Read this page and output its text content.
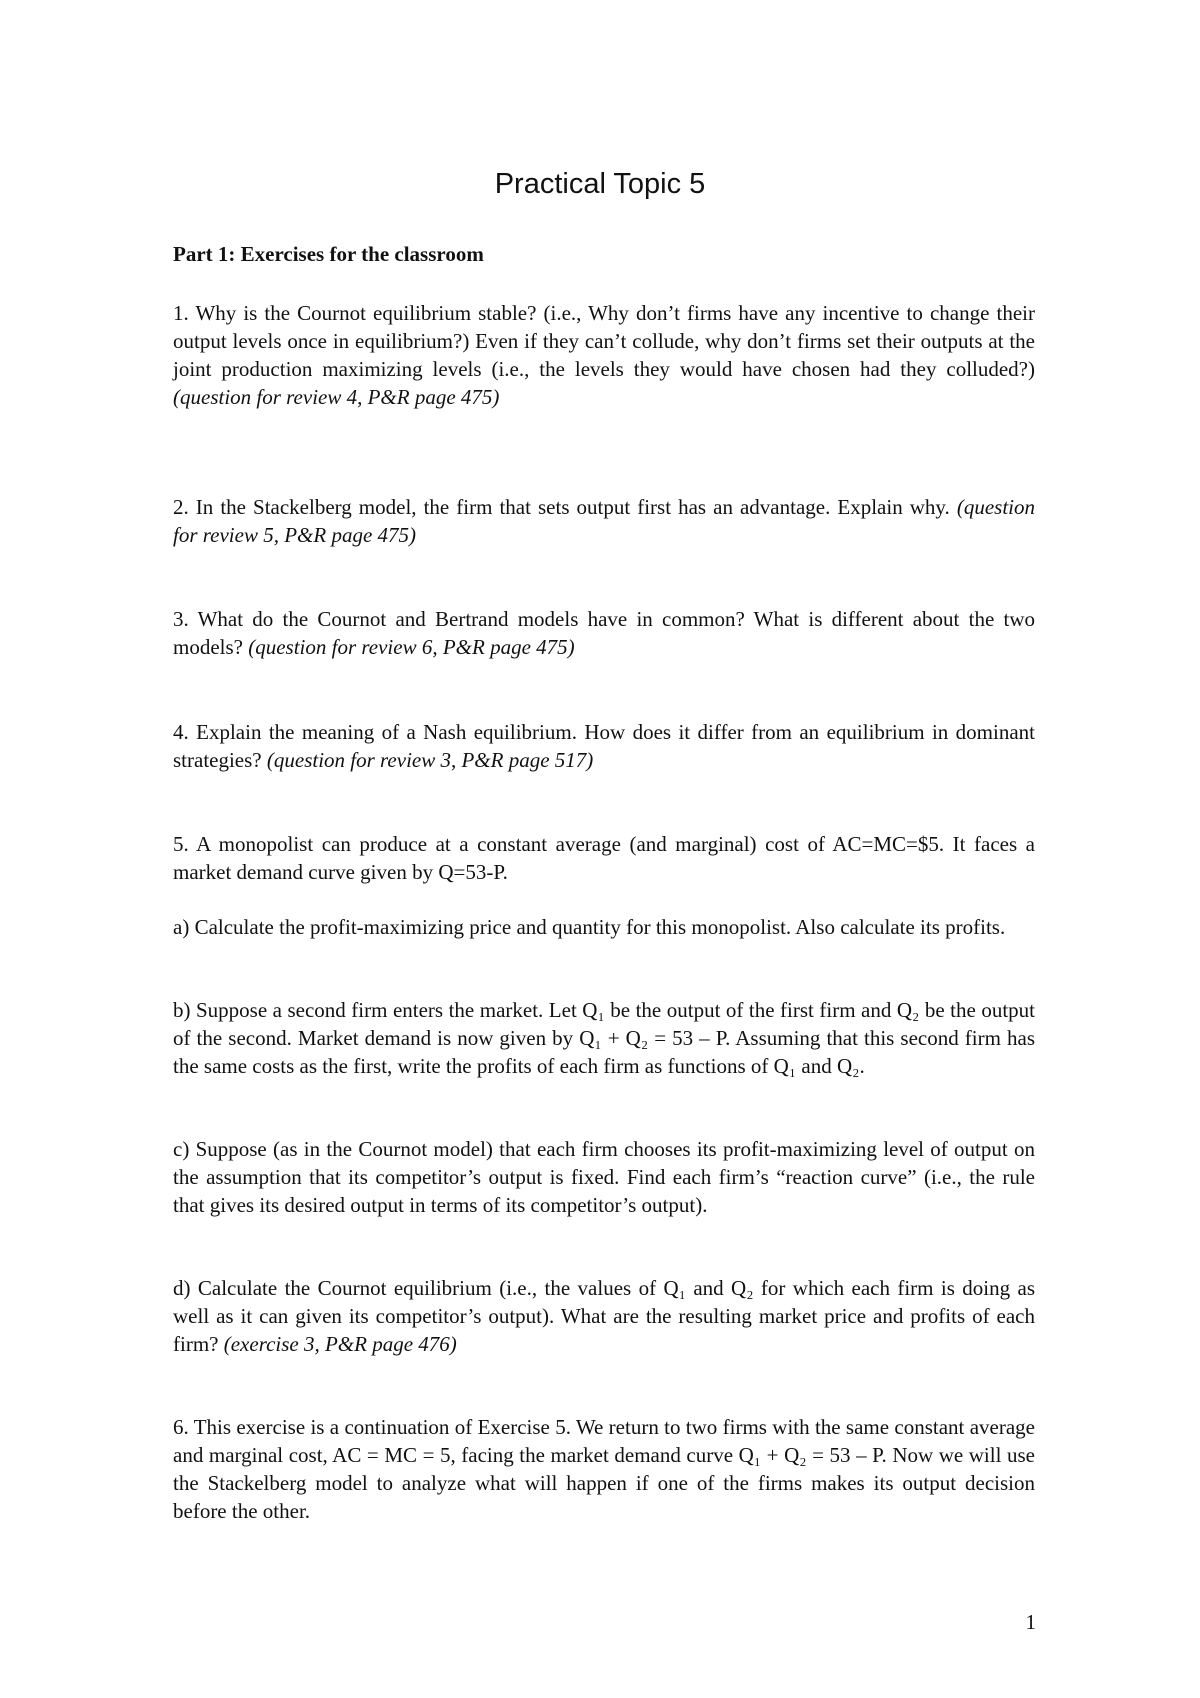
Practical Topic 5
Part 1: Exercises for the classroom

1. Why is the Cournot equilibrium stable? (i.e., Why don’t firms have any incentive to change their output levels once in equilibrium?) Even if they can’t collude, why don’t firms set their outputs at the joint production maximizing levels (i.e., the levels they would have chosen had they colluded?) (question for review 4, P&R page 475)

2. In the Stackelberg model, the firm that sets output first has an advantage. Explain why. (question for review 5, P&R page 475)

3. What do the Cournot and Bertrand models have in common? What is different about the two models? (question for review 6, P&R page 475)

4. Explain the meaning of a Nash equilibrium. How does it differ from an equilibrium in dominant strategies? (question for review 3, P&R page 517)

5. A monopolist can produce at a constant average (and marginal) cost of AC=MC=$5. It faces a market demand curve given by Q=53-P.

a) Calculate the profit-maximizing price and quantity for this monopolist. Also calculate its profits.

b) Suppose a second firm enters the market. Let Q₁ be the output of the first firm and Q₂ be the output of the second. Market demand is now given by Q₁ + Q₂ = 53 – P. Assuming that this second firm has the same costs as the first, write the profits of each firm as functions of Q₁ and Q₂.

c) Suppose (as in the Cournot model) that each firm chooses its profit-maximizing level of output on the assumption that its competitor’s output is fixed. Find each firm’s “reaction curve” (i.e., the rule that gives its desired output in terms of its competitor’s output).

d) Calculate the Cournot equilibrium (i.e., the values of Q₁ and Q₂ for which each firm is doing as well as it can given its competitor’s output). What are the resulting market price and profits of each firm? (exercise 3, P&R page 476)

6. This exercise is a continuation of Exercise 5. We return to two firms with the same constant average and marginal cost, AC = MC = 5, facing the market demand curve Q₁ + Q₂ = 53 – P. Now we will use the Stackelberg model to analyze what will happen if one of the firms makes its output decision before the other.

1
